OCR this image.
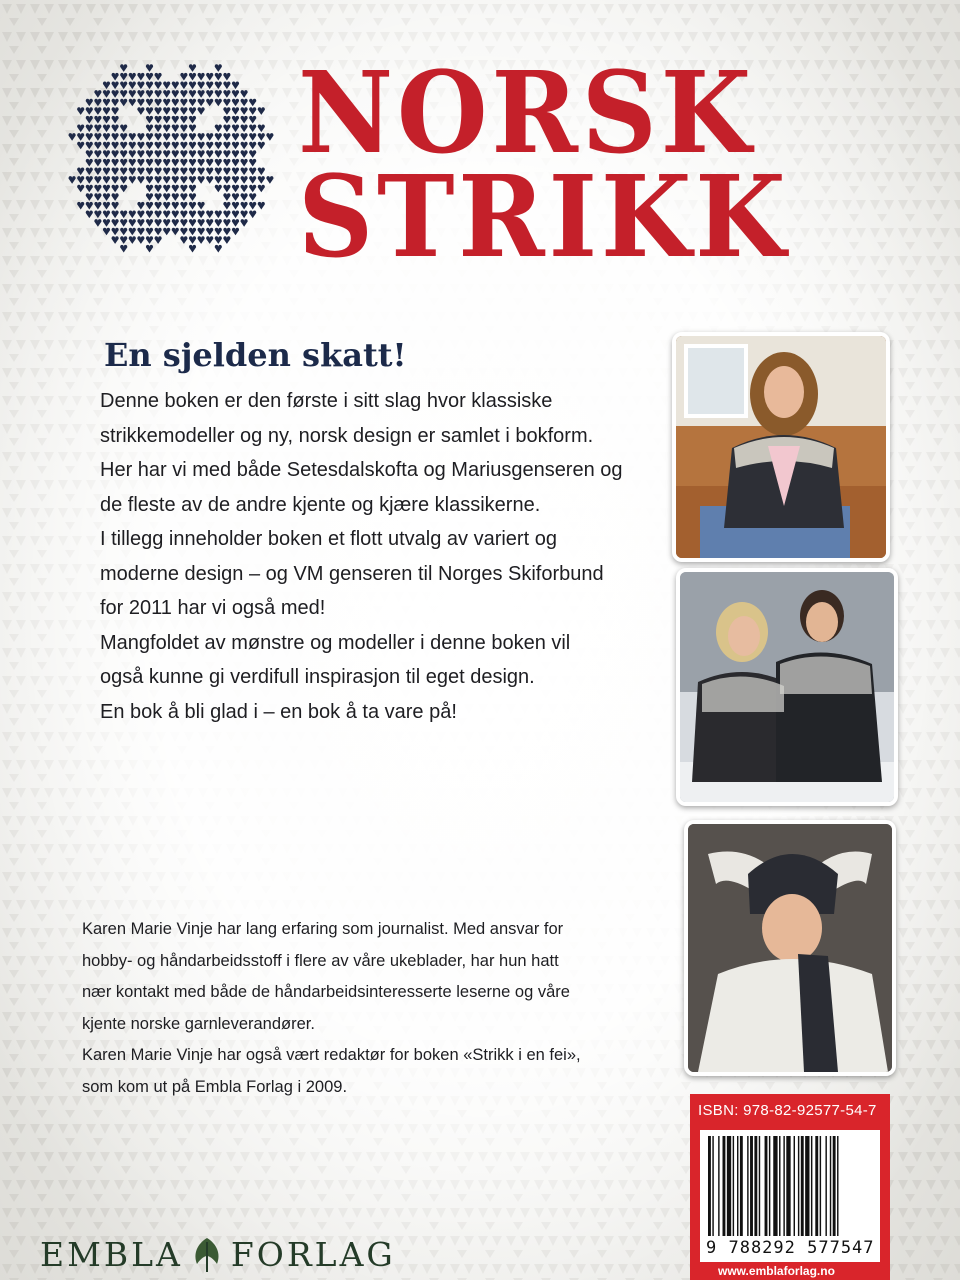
NORSK
STRIKK
En sjelden skatt!

Denne boken er den første i sitt slag hvor klassiske

strikkemodeller og ny, norsk design er samlet i bokform.

Her har vi med både Setesdalskofta og Mariusgenseren og

de fleste av de andre kjente og kjære klassikerne.

I tillegg inneholder boken et flott utvalg av variert og

moderne design – og VM genseren til Norges Skiforbund

for 2011 har vi også med!

Mangfoldet av mønstre og modeller i denne boken vil

også kunne gi verdifull inspirasjon til eget design.

En bok å bli glad i – en bok å ta vare på!

Karen Marie Vinje har lang erfaring som journalist. Med ansvar for

hobby- og håndarbeidsstoff i flere av våre ukeblader, har hun hatt

nær kontakt med både de håndarbeidsinteresserte leserne og våre

kjente norske garnleverandører.

Karen Marie Vinje har også vært redaktør for boken «Strikk i en fei»,

som kom ut på Embla Forlag i 2009.

ISBN: 978-82-92577-54-7
9 788292 577547
www.emblaforlag.no
EMBLA FORLAG
